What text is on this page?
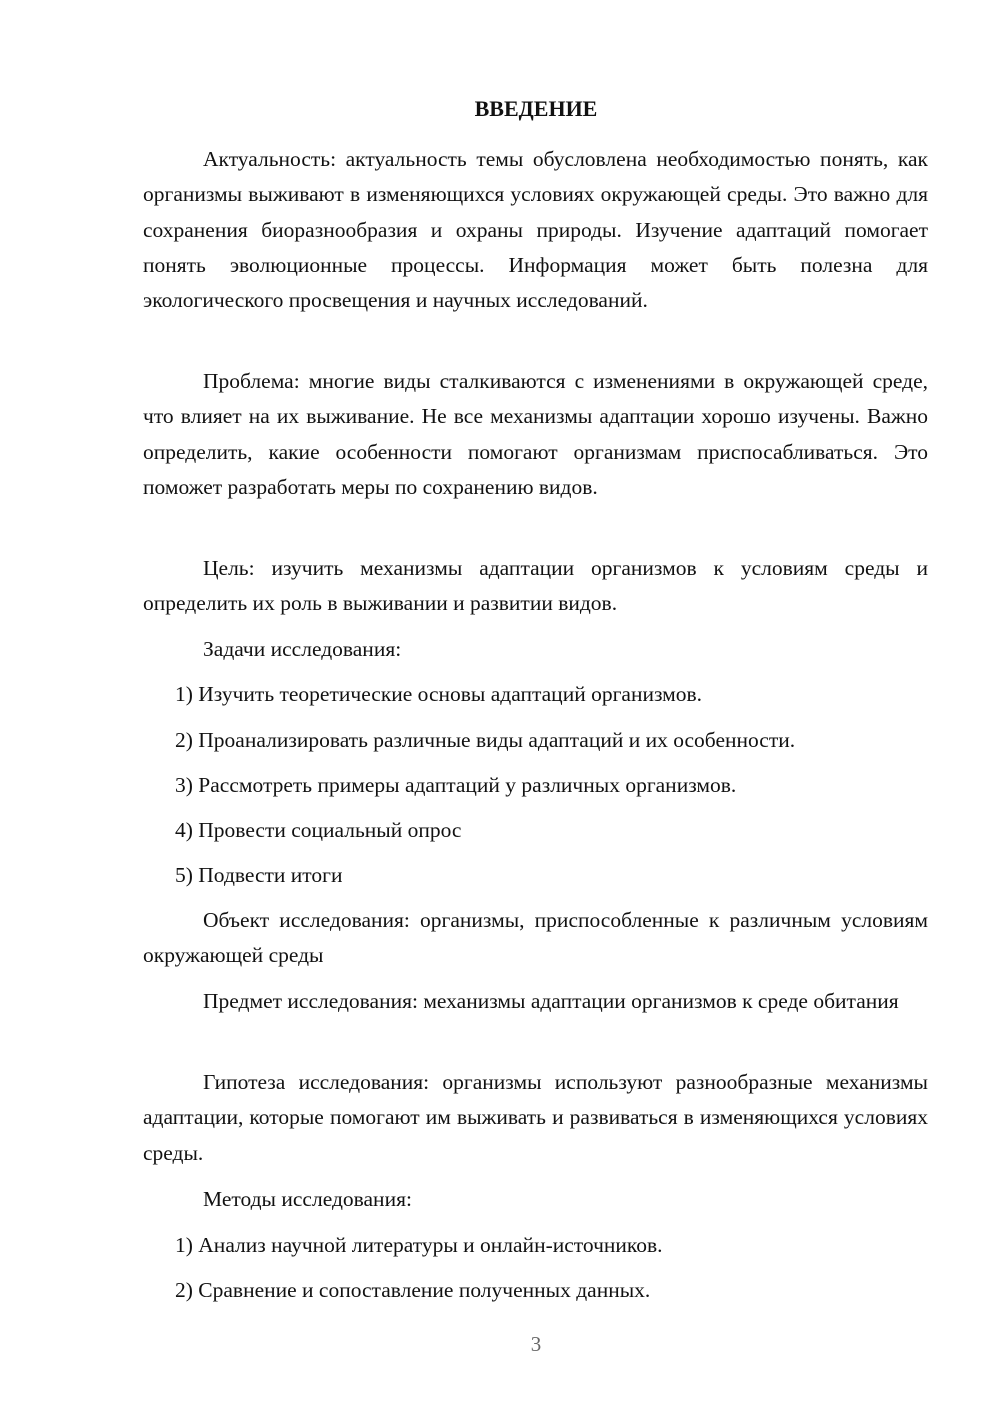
ВВЕДЕНИЕ

Актуальность: актуальность темы обусловлена необходимостью понять, как организмы выживают в изменяющихся условиях окружающей среды. Это важно для сохранения биоразнообразия и охраны природы. Изучение адаптаций помогает понять эволюционные процессы. Информация может быть полезна для экологического просвещения и научных исследований.

Проблема: многие виды сталкиваются с изменениями в окружающей среде, что влияет на их выживание. Не все механизмы адаптации хорошо изучены. Важно определить, какие особенности помогают организмам приспосабливаться. Это поможет разработать меры по сохранению видов.

Цель: изучить механизмы адаптации организмов к условиям среды и определить их роль в выживании и развитии видов.

Задачи исследования:

1) Изучить теоретические основы адаптаций организмов.
2) Проанализировать различные виды адаптаций и их особенности.
3) Рассмотреть примеры адаптаций у различных организмов.
4) Провести социальный опрос
5) Подвести итоги

Объект исследования: организмы, приспособленные к различным условиям окружающей среды

Предмет исследования: механизмы адаптации организмов к среде обитания

Гипотеза исследования: организмы используют разнообразные механизмы адаптации, которые помогают им выживать и развиваться в изменяющихся условиях среды.

Методы исследования:

1) Анализ научной литературы и онлайн-источников.
2) Сравнение и сопоставление полученных данных.
3
